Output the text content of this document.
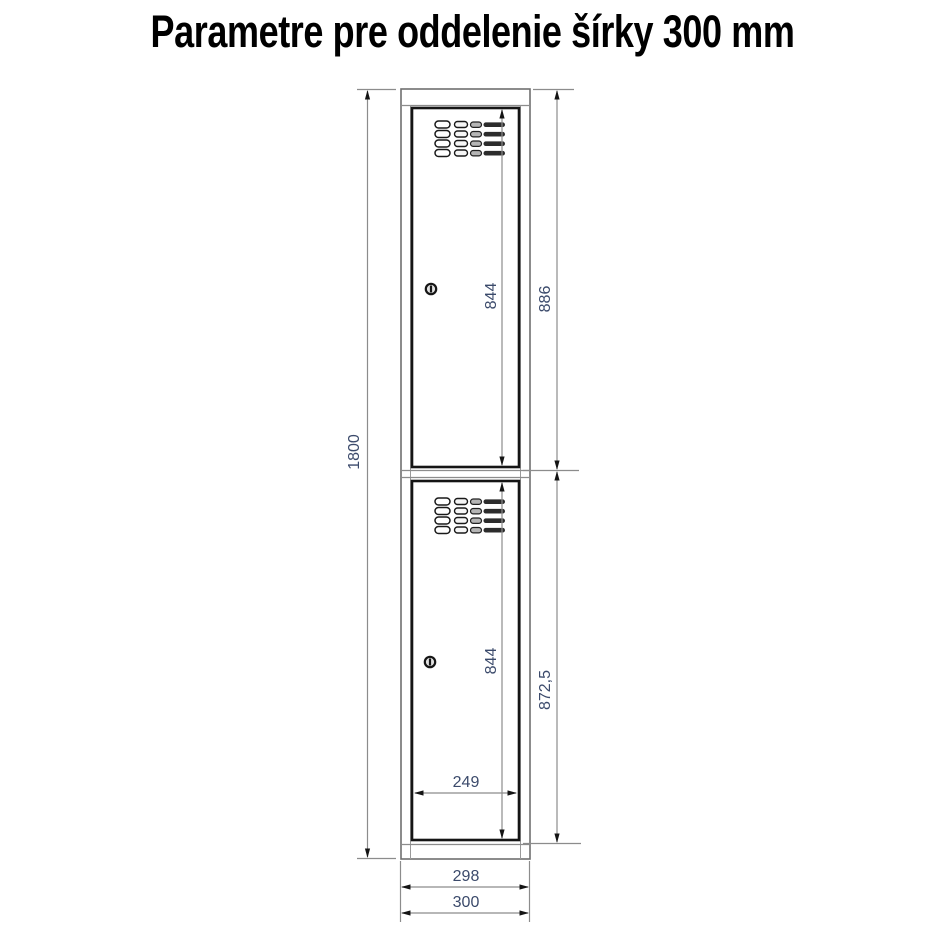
Parametre pre oddelenie šírky 300 mm
1800
886
844
872,5
844
249
298
300
